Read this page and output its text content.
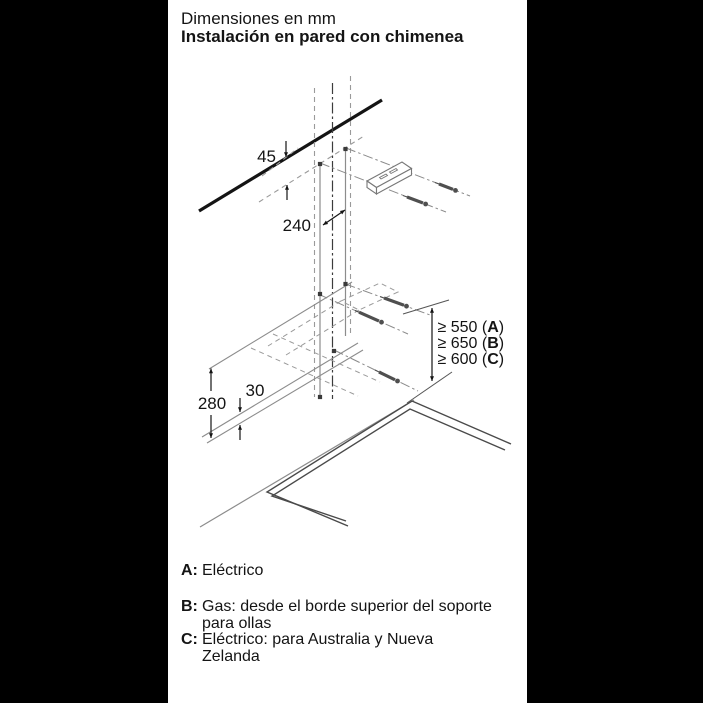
Dimensiones en mm
Instalación en pared con chimenea
45
240
280
30
≥ 550 (A)
≥ 650 (B)
≥ 600 (C)
A: Eléctrico
B: Gas: desde el borde superior del soporte
para ollas
C: Eléctrico: para Australia y Nueva
Zelanda
